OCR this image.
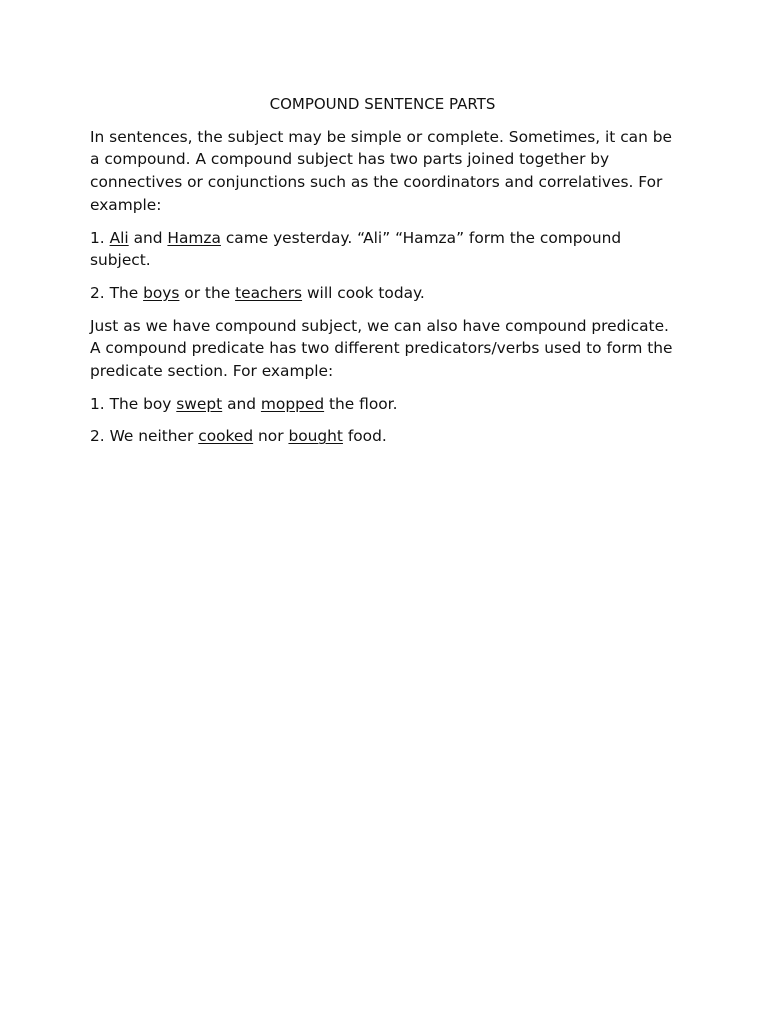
COMPOUND SENTENCE PARTS

In sentences, the subject may be simple or complete. Sometimes, it can be a compound. A compound subject has two parts joined together by connectives or conjunctions such as the coordinators and correlatives. For example:

1. Ali and Hamza came yesterday. “Ali” “Hamza” form the compound subject.

2. The boys or the teachers will cook today.

Just as we have compound subject, we can also have compound predicate. A compound predicate has two different predicators/verbs used to form the predicate section. For example:

1. The boy swept and mopped the floor.

2. We neither cooked nor bought food.
